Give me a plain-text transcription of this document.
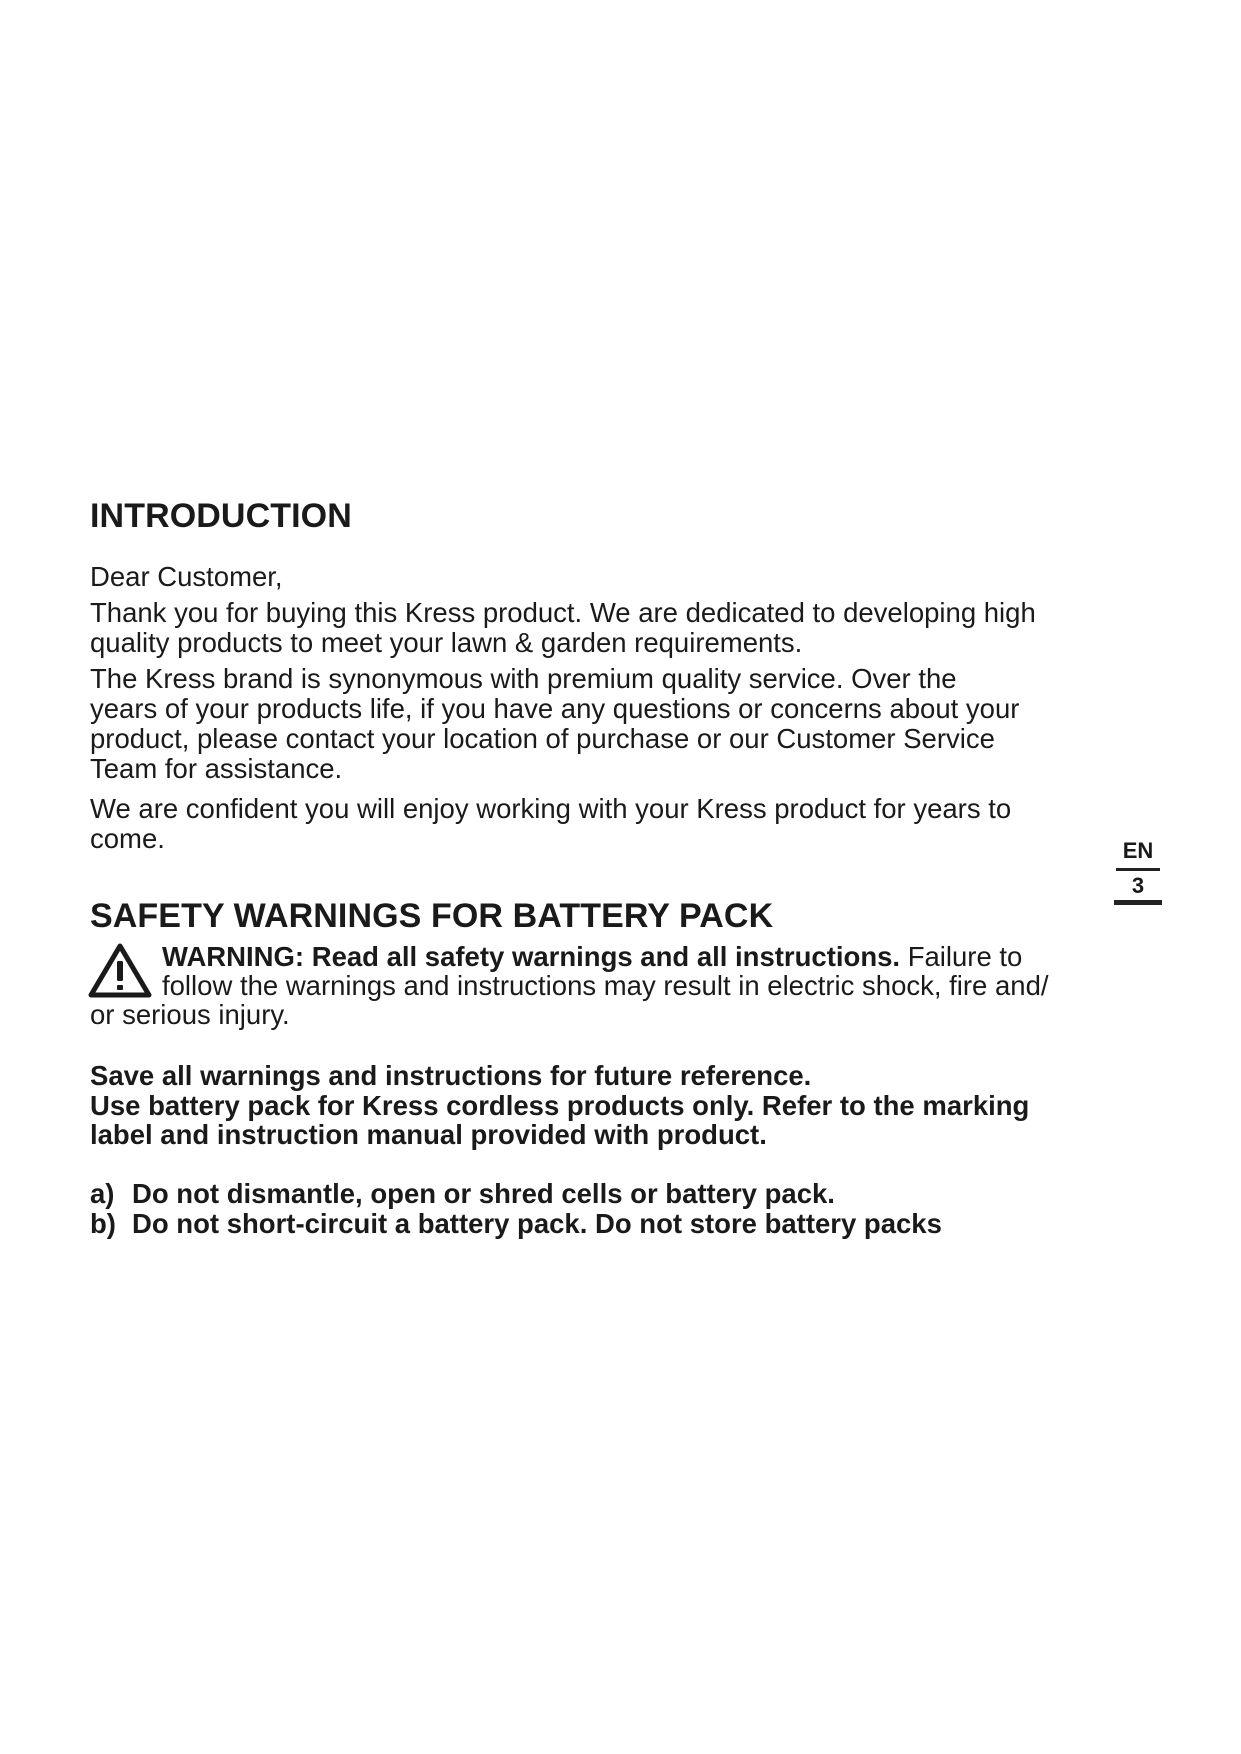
INTRODUCTION

Dear Customer,

Thank you for buying this Kress product. We are dedicated to developing high
quality products to meet your lawn & garden requirements.
The Kress brand is synonymous with premium quality service. Over the
years of your products life, if you have any questions or concerns about your
product, please contact your location of purchase or our Customer Service
Team for assistance.
We are confident you will enjoy working with your Kress product for years to
come.
SAFETY WARNINGS FOR BATTERY PACK
WARNING: Read all safety warnings and all instructions. Failure to
follow the warnings and instructions may result in electric shock, fire and/
or serious injury.
Save all warnings and instructions for future reference.
Use battery pack for Kress cordless products only. Refer to the marking
label and instruction manual provided with product.
a) Do not dismantle, open or shred cells or battery pack.
b) Do not short-circuit a battery pack. Do not store battery packs
EN
3
